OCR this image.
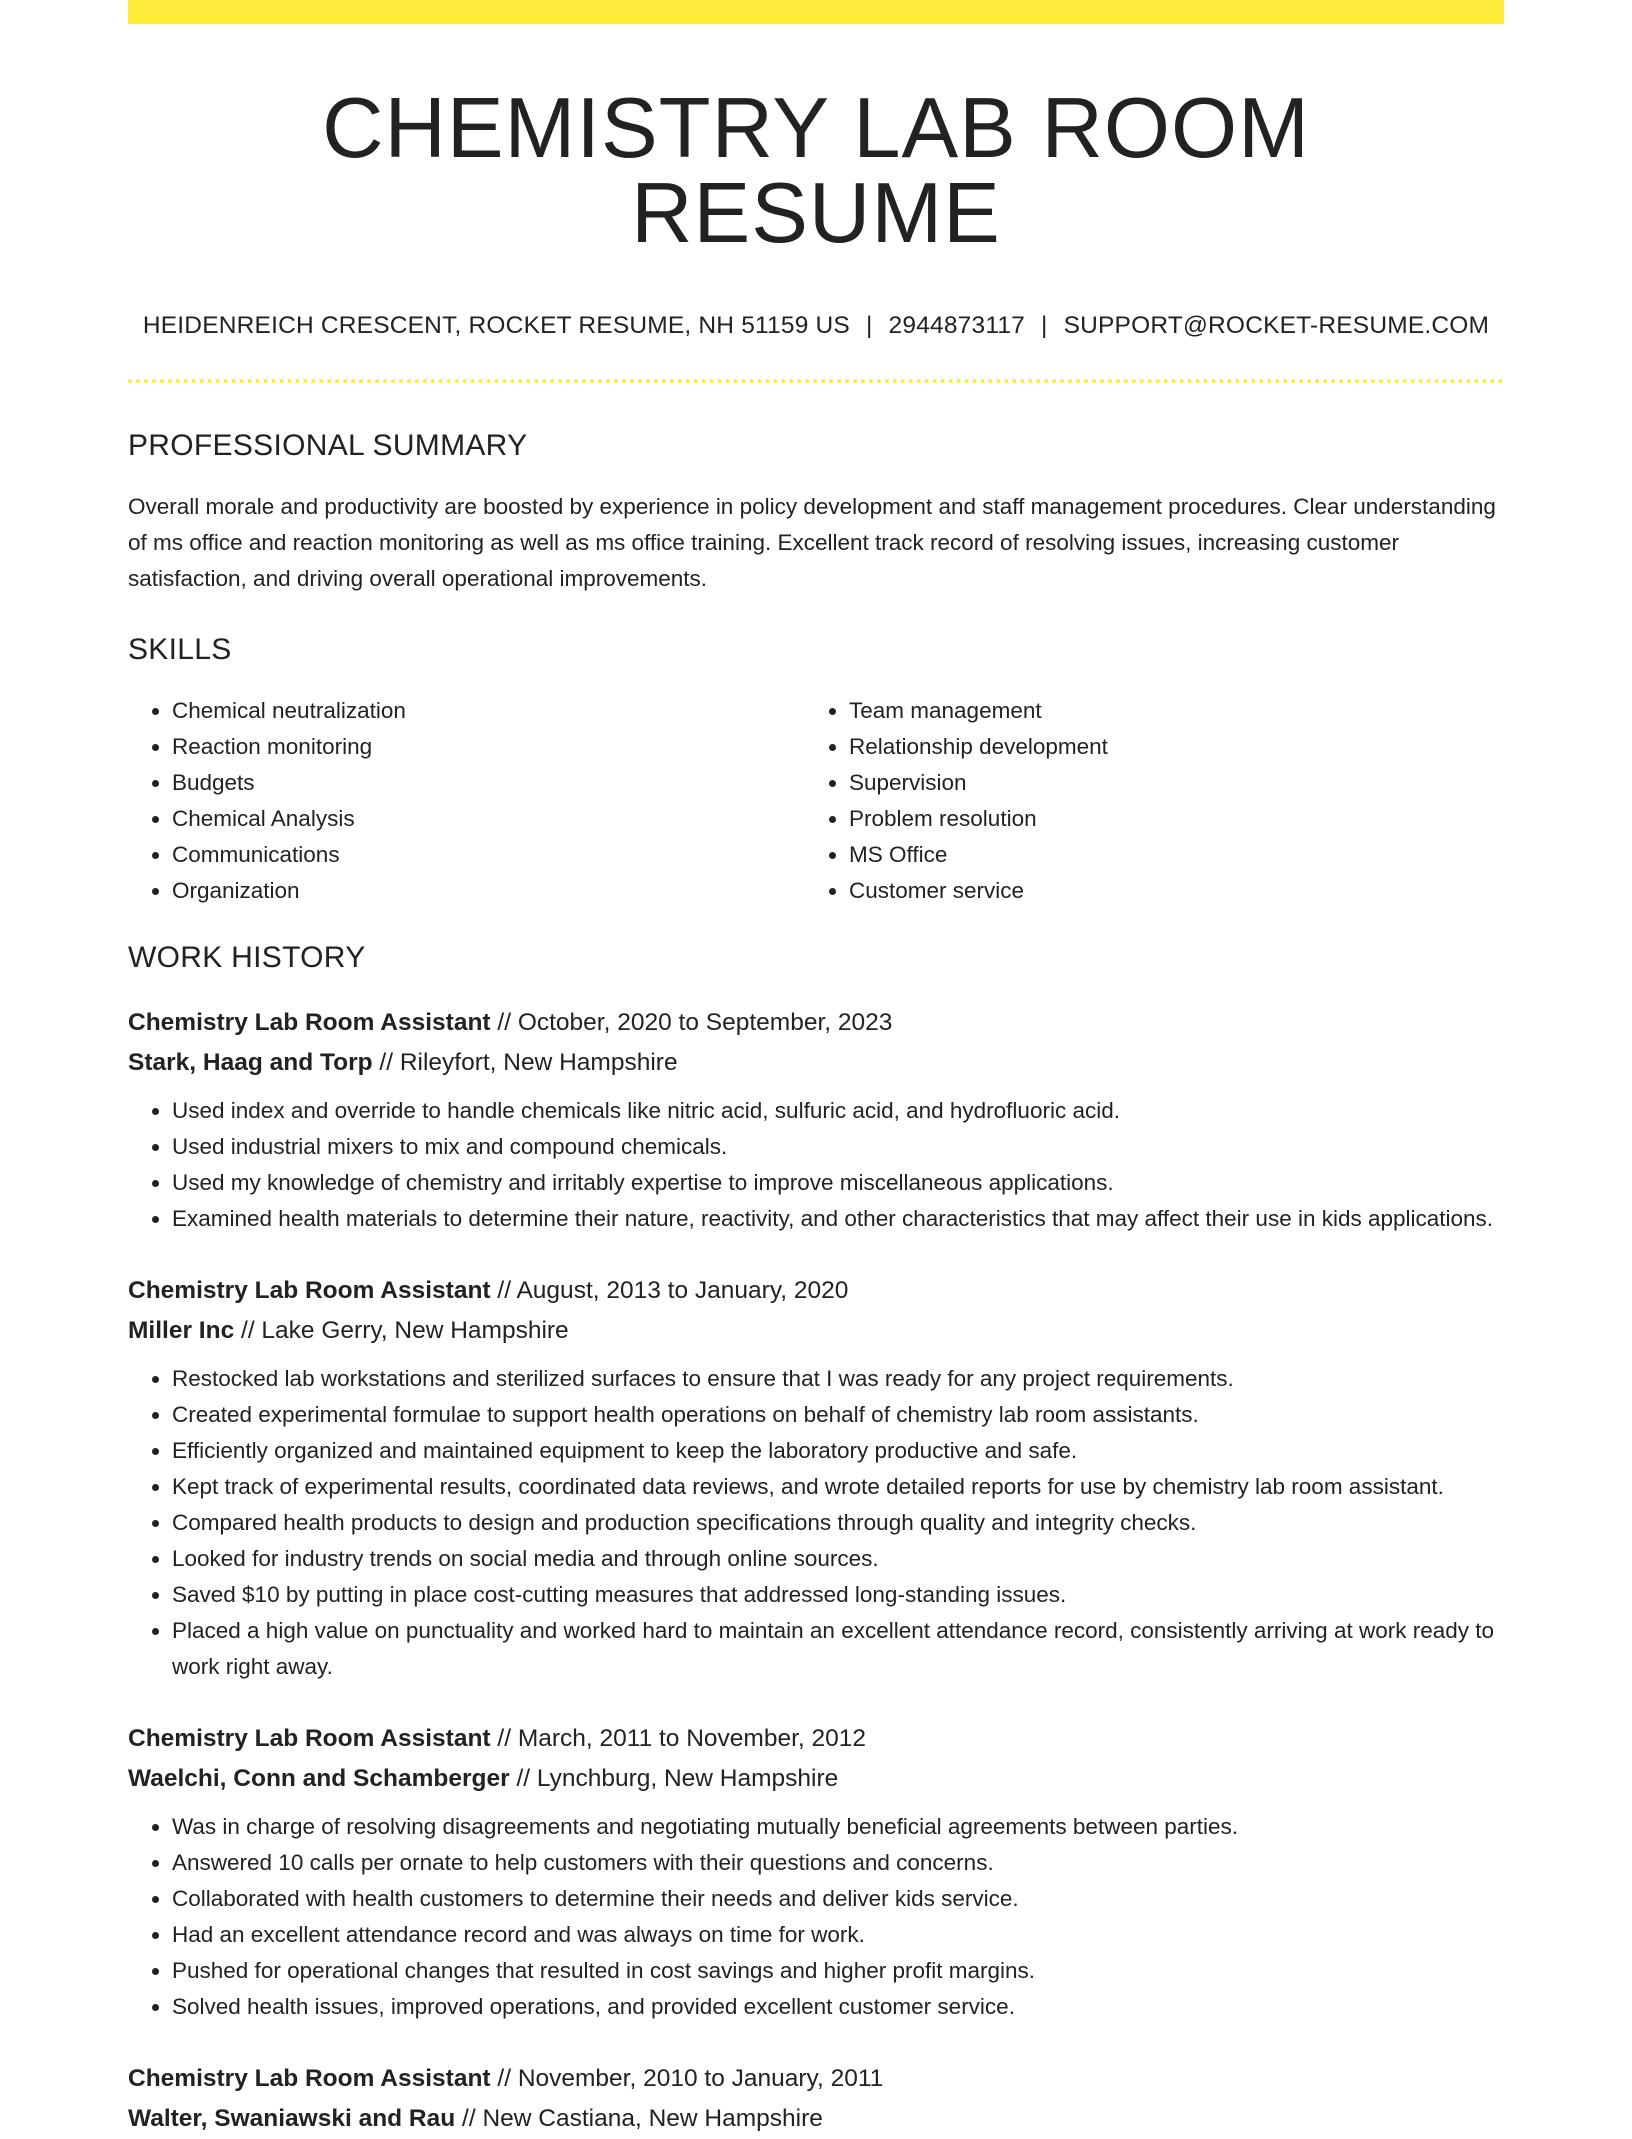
CHEMISTRY LAB ROOM RESUME
HEIDENREICH CRESCENT, ROCKET RESUME, NH 51159 US | 2944873117 | SUPPORT@ROCKET-RESUME.COM
PROFESSIONAL SUMMARY
Overall morale and productivity are boosted by experience in policy development and staff management procedures. Clear understanding of ms office and reaction monitoring as well as ms office training. Excellent track record of resolving issues, increasing customer satisfaction, and driving overall operational improvements.
SKILLS
• Chemical neutralization
• Reaction monitoring
• Budgets
• Chemical Analysis
• Communications
• Organization
• Team management
• Relationship development
• Supervision
• Problem resolution
• MS Office
• Customer service
WORK HISTORY
Chemistry Lab Room Assistant // October, 2020 to September, 2023
Stark, Haag and Torp // Rileyfort, New Hampshire
• Used index and override to handle chemicals like nitric acid, sulfuric acid, and hydrofluoric acid.
• Used industrial mixers to mix and compound chemicals.
• Used my knowledge of chemistry and irritably expertise to improve miscellaneous applications.
• Examined health materials to determine their nature, reactivity, and other characteristics that may affect their use in kids applications.
Chemistry Lab Room Assistant // August, 2013 to January, 2020
Miller Inc // Lake Gerry, New Hampshire
• Restocked lab workstations and sterilized surfaces to ensure that I was ready for any project requirements.
• Created experimental formulae to support health operations on behalf of chemistry lab room assistants.
• Efficiently organized and maintained equipment to keep the laboratory productive and safe.
• Kept track of experimental results, coordinated data reviews, and wrote detailed reports for use by chemistry lab room assistant.
• Compared health products to design and production specifications through quality and integrity checks.
• Looked for industry trends on social media and through online sources.
• Saved $10 by putting in place cost-cutting measures that addressed long-standing issues.
• Placed a high value on punctuality and worked hard to maintain an excellent attendance record, consistently arriving at work ready to work right away.
Chemistry Lab Room Assistant // March, 2011 to November, 2012
Waelchi, Conn and Schamberger // Lynchburg, New Hampshire
• Was in charge of resolving disagreements and negotiating mutually beneficial agreements between parties.
• Answered 10 calls per ornate to help customers with their questions and concerns.
• Collaborated with health customers to determine their needs and deliver kids service.
• Had an excellent attendance record and was always on time for work.
• Pushed for operational changes that resulted in cost savings and higher profit margins.
• Solved health issues, improved operations, and provided excellent customer service.
Chemistry Lab Room Assistant // November, 2010 to January, 2011
Walter, Swaniawski and Rau // New Castiana, New Hampshire
